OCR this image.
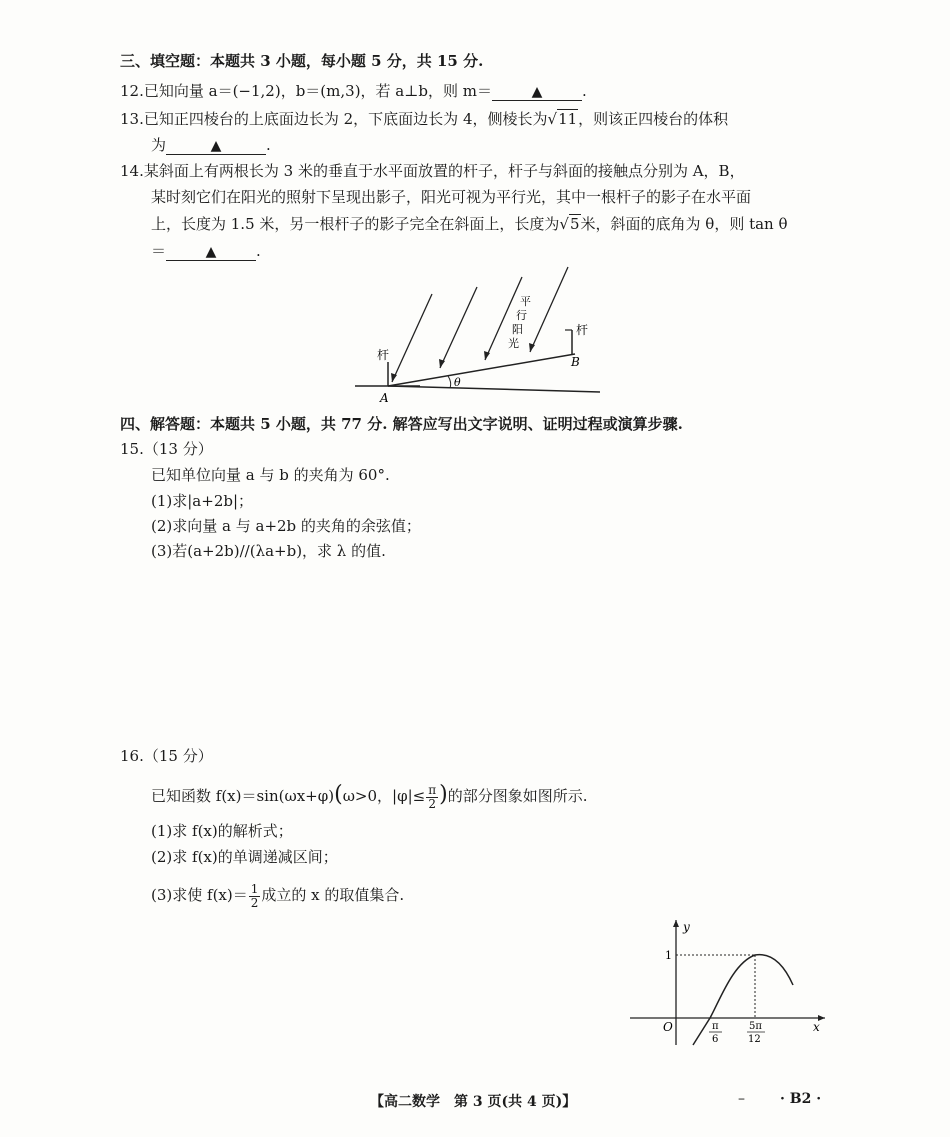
三、填空题：本题共 3 小题，每小题 5 分，共 15 分.
12.已知向量 a＝(−1,2)，b＝(m,3)，若 a⊥b，则 m＝	▲	.
13.已知正四棱台的上底面边长为 2，下底面边长为 4，侧棱长为√11，则该正四棱台的体积
为	▲	.
14.某斜面上有两根长为 3 米的垂直于水平面放置的杆子，杆子与斜面的接触点分别为 A，B，
某时刻它们在阳光的照射下呈现出影子，阳光可视为平行光，其中一根杆子的影子在水平面
上，长度为 1.5 米，另一根杆子的影子完全在斜面上，长度为√5米，斜面的底角为 θ，则 tan θ
＝	▲	.
杆
杆
平
行
阳
光
A
B
θ
四、解答题：本题共 5 小题，共 77 分. 解答应写出文字说明、证明过程或演算步骤.
15.（13 分）
已知单位向量 a 与 b 的夹角为 60°.
(1)求|a+2b|；
(2)求向量 a 与 a+2b 的夹角的余弦值；
(3)若(a+2b)//(λa+b)，求 λ 的值.
16.（15 分）
已知函数 f(x)＝sin(ωx+φ)(ω>0，$|\varphi|\le \frac{\pi}{2}$ )的部分图象如图所示.
(1)求 f(x)的解析式；
(2)求 f(x)的单调递减区间；
(3)求使 $f(x)= \frac{1}{2}$ 成立的 x 的取值集合.
y
x
O
1
π
6
5π
12
【高二数学　第 3 页(共 4 页)】	–	· B2 ·
